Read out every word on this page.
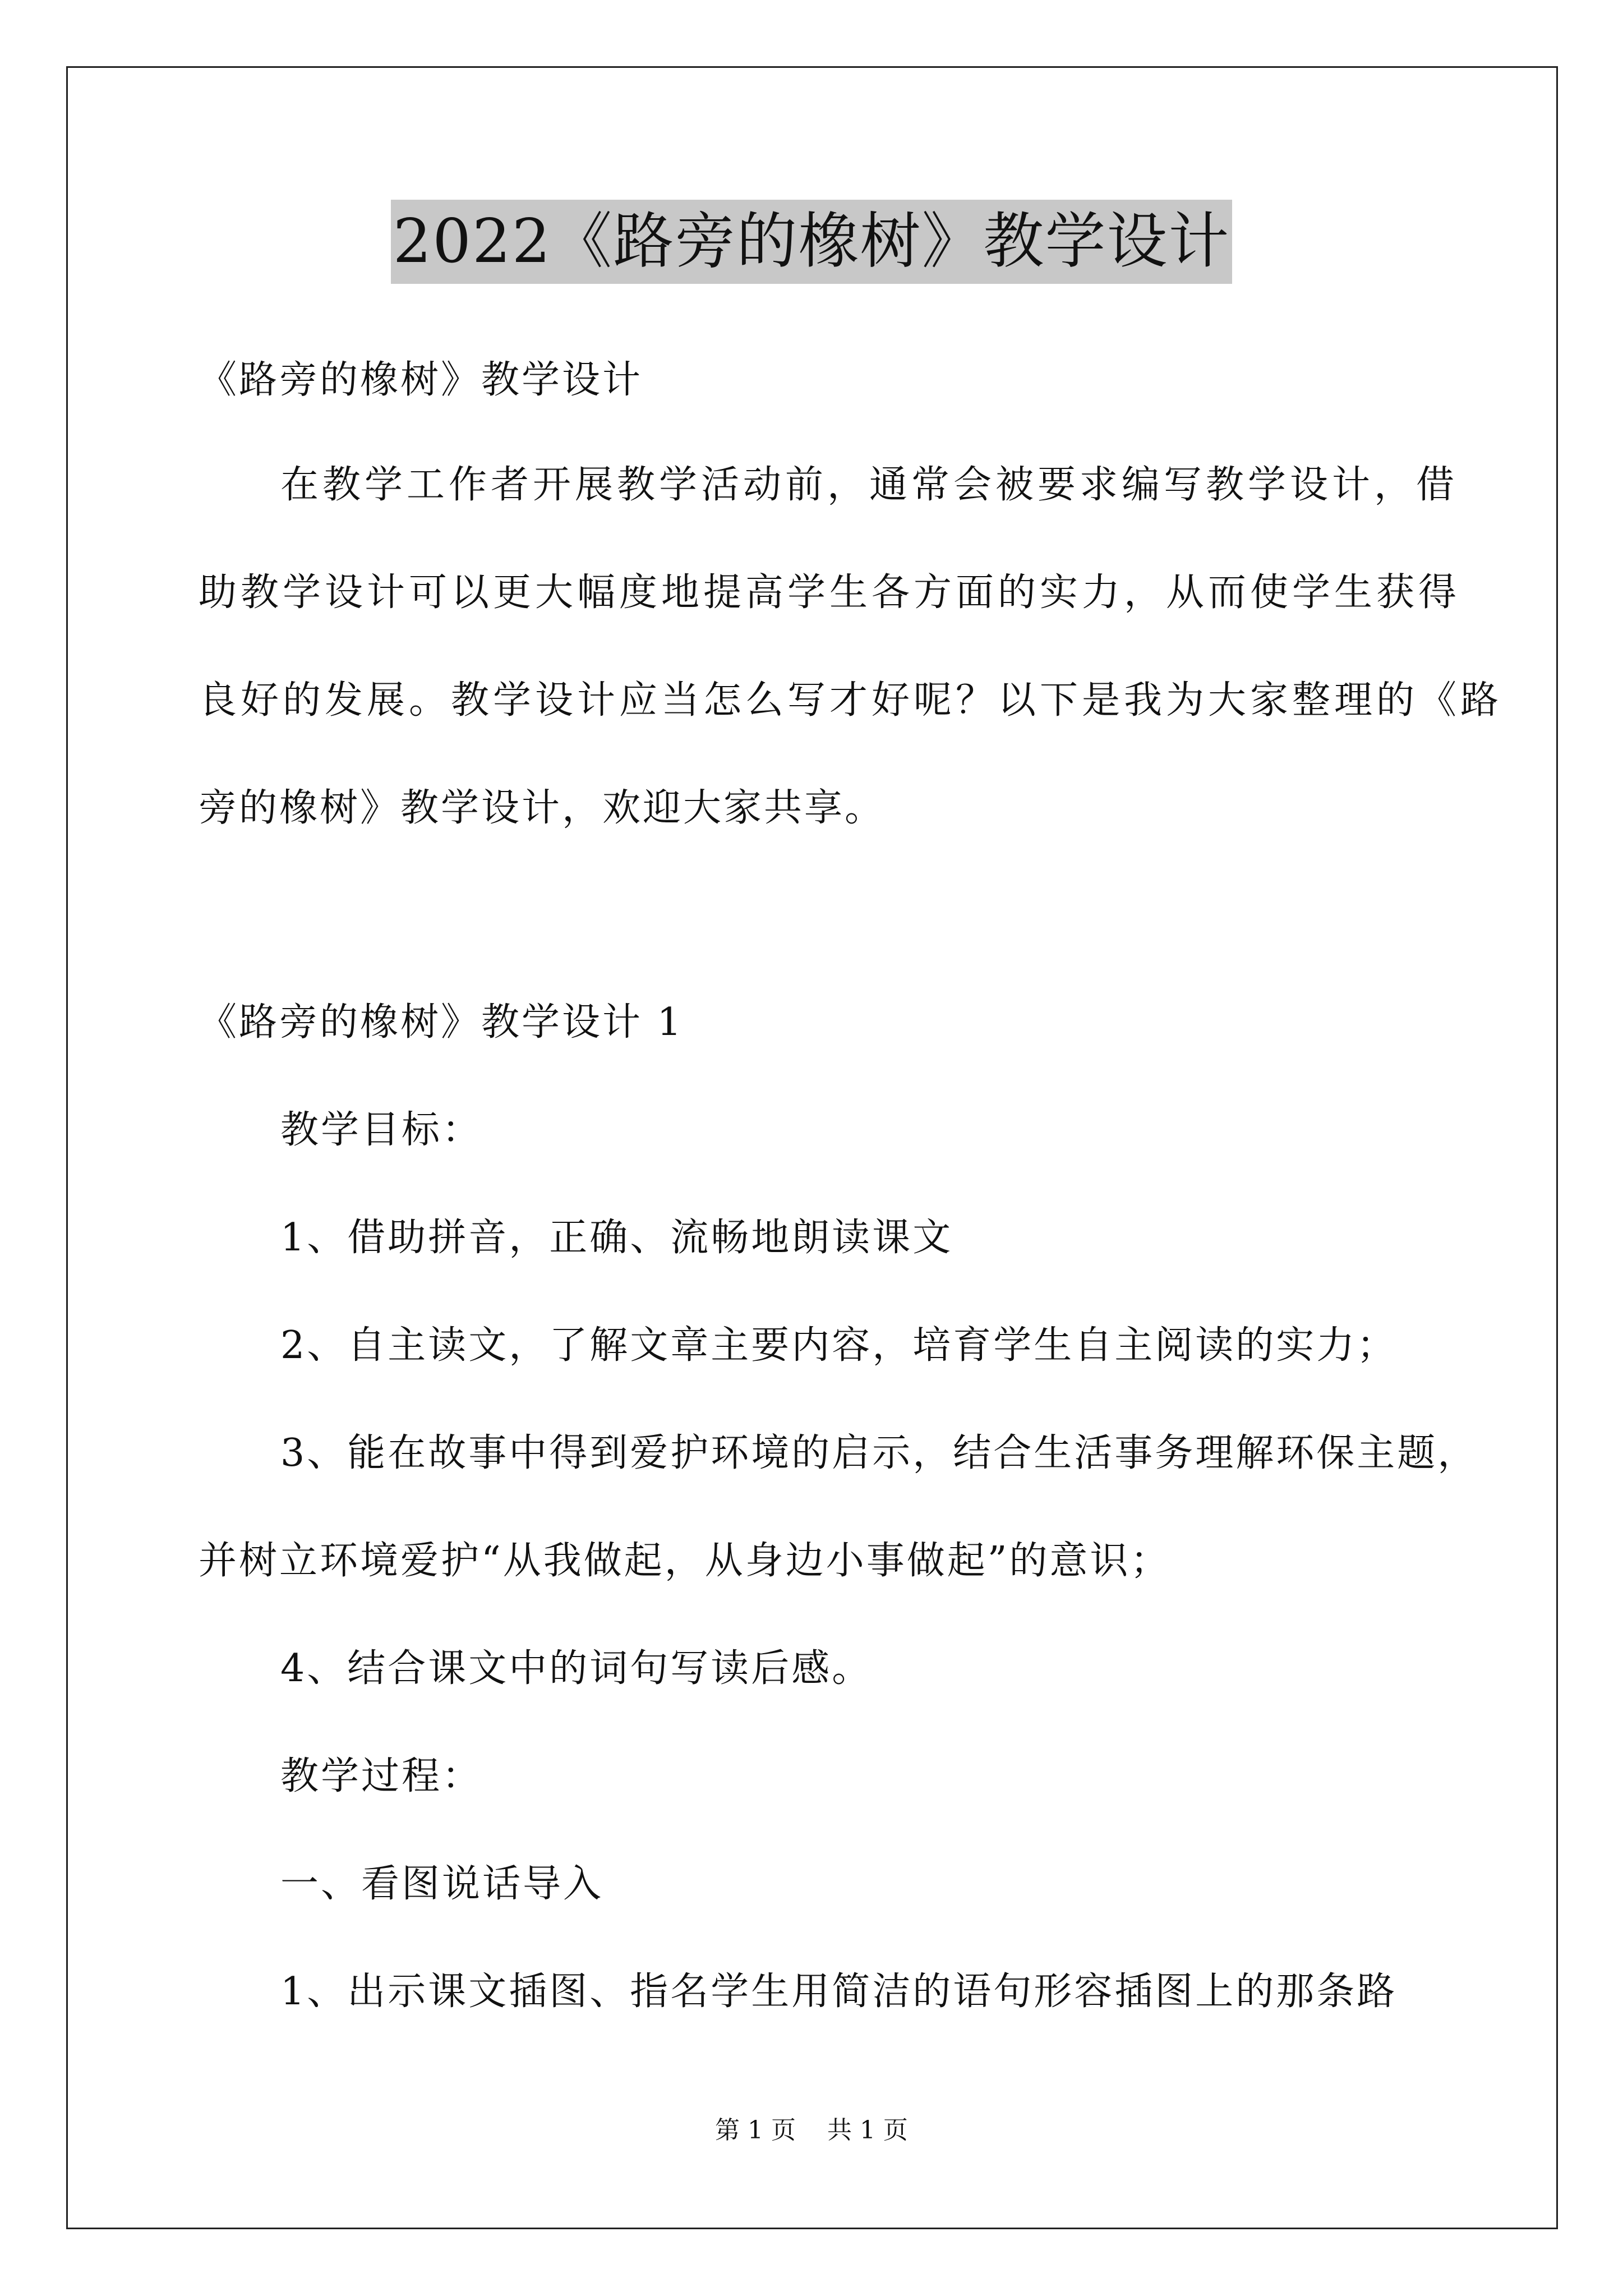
2022《路旁的橡树》教学设计
《路旁的橡树》教学设计
在教学工作者开展教学活动前，通常会被要求编写教学设计，借
助教学设计可以更大幅度地提高学生各方面的实力，从而使学生获得
良好的发展。教学设计应当怎么写才好呢？以下是我为大家整理的《路
旁的橡树》教学设计，欢迎大家共享。
《路旁的橡树》教学设计 1
教学目标：
1、借助拼音，正确、流畅地朗读课文
2、自主读文，了解文章主要内容，培育学生自主阅读的实力；
3、能在故事中得到爱护环境的启示，结合生活事务理解环保主题，
并树立环境爱护“从我做起，从身边小事做起”的意识；
4、结合课文中的词句写读后感。
教学过程：
一、看图说话导入
1、出示课文插图、指名学生用简洁的语句形容插图上的那条路
第 1 页 共 1 页
